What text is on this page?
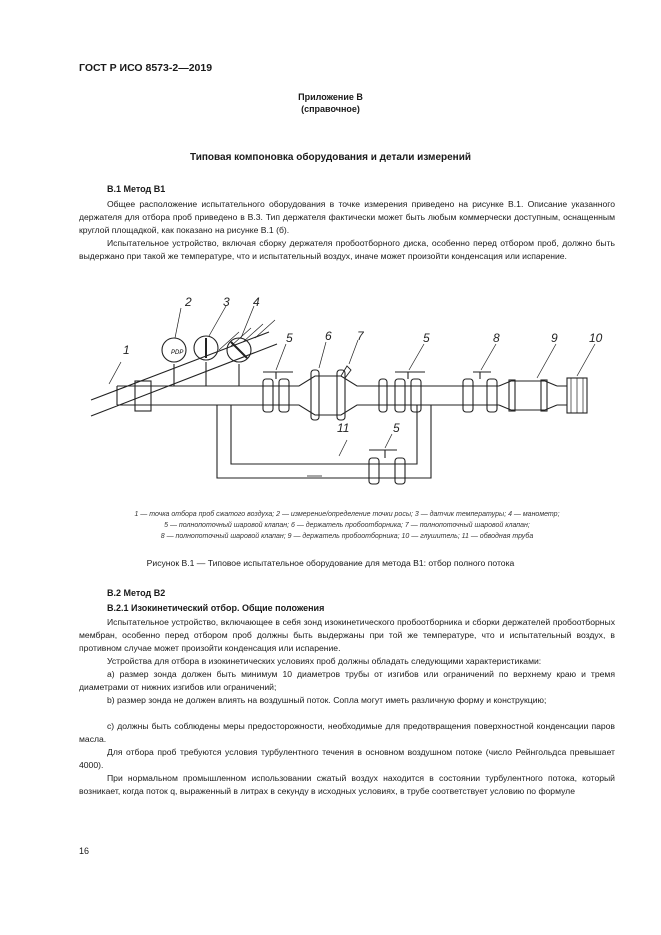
ГОСТ Р ИСО 8573-2—2019
Приложение В
(справочное)
Типовая компоновка оборудования и детали измерений
В.1 Метод В1
Общее расположение испытательного оборудования в точке измерения приведено на рисунке В.1. Описание указанного держателя для отбора проб приведено в В.3. Тип держателя фактически может быть любым коммерчески доступным, оснащенным круглой площадкой, как показано на рисунке В.1 (б).
Испытательное устройство, включая сборку держателя пробоотборного диска, особенно перед отбором проб, должно быть выдержано при такой же температуре, что и испытательный воздух, иначе может произойти конденсация или испарение.
PDP
1
2	3 4
5	6 7	5	8	9	10
11	5
1 — точка отбора проб сжатого воздуха; 2 — измерение/определение точки росы; 3 — датчик температуры; 4 — манометр;
5 — полнопоточный шаровой клапан; 6 — держатель пробоотборника; 7 — полнопоточный шаровой клапан;
8 — полнопоточный шаровой клапан; 9 — держатель пробоотборника; 10 — глушитель; 11 — обводная труба
Рисунок В.1 — Типовое испытательное оборудование для метода В1: отбор полного потока
В.2 Метод В2
В.2.1 Изокинетический отбор. Общие положения
Испытательное устройство, включающее в себя зонд изокинетического пробоотборника и сборки держателей пробоотборных мембран, особенно перед отбором проб должны быть выдержаны при той же температуре, что и испытательный воздух, в противном случае может произойти конденсация или испарение.
Устройства для отбора в изокинетических условиях проб должны обладать следующими характеристиками:
а) размер зонда должен быть минимум 10 диаметров трубы от изгибов или ограничений по верхнему краю и тремя диаметрами от нижних изгибов или ограничений;
b) размер зонда не должен влиять на воздушный поток. Сопла могут иметь различную форму и конструкцию;
c) должны быть соблюдены меры предосторожности, необходимые для предотвращения поверхностной конденсации паров масла.
Для отбора проб требуются условия турбулентного течения в основном воздушном потоке (число Рейнгольдса превышает 4000).
При нормальном промышленном использовании сжатый воздух находится в состоянии турбулентного потока, который возникает, когда поток q, выраженный в литрах в секунду в исходных условиях, в трубе соответствует условию по формуле
16
